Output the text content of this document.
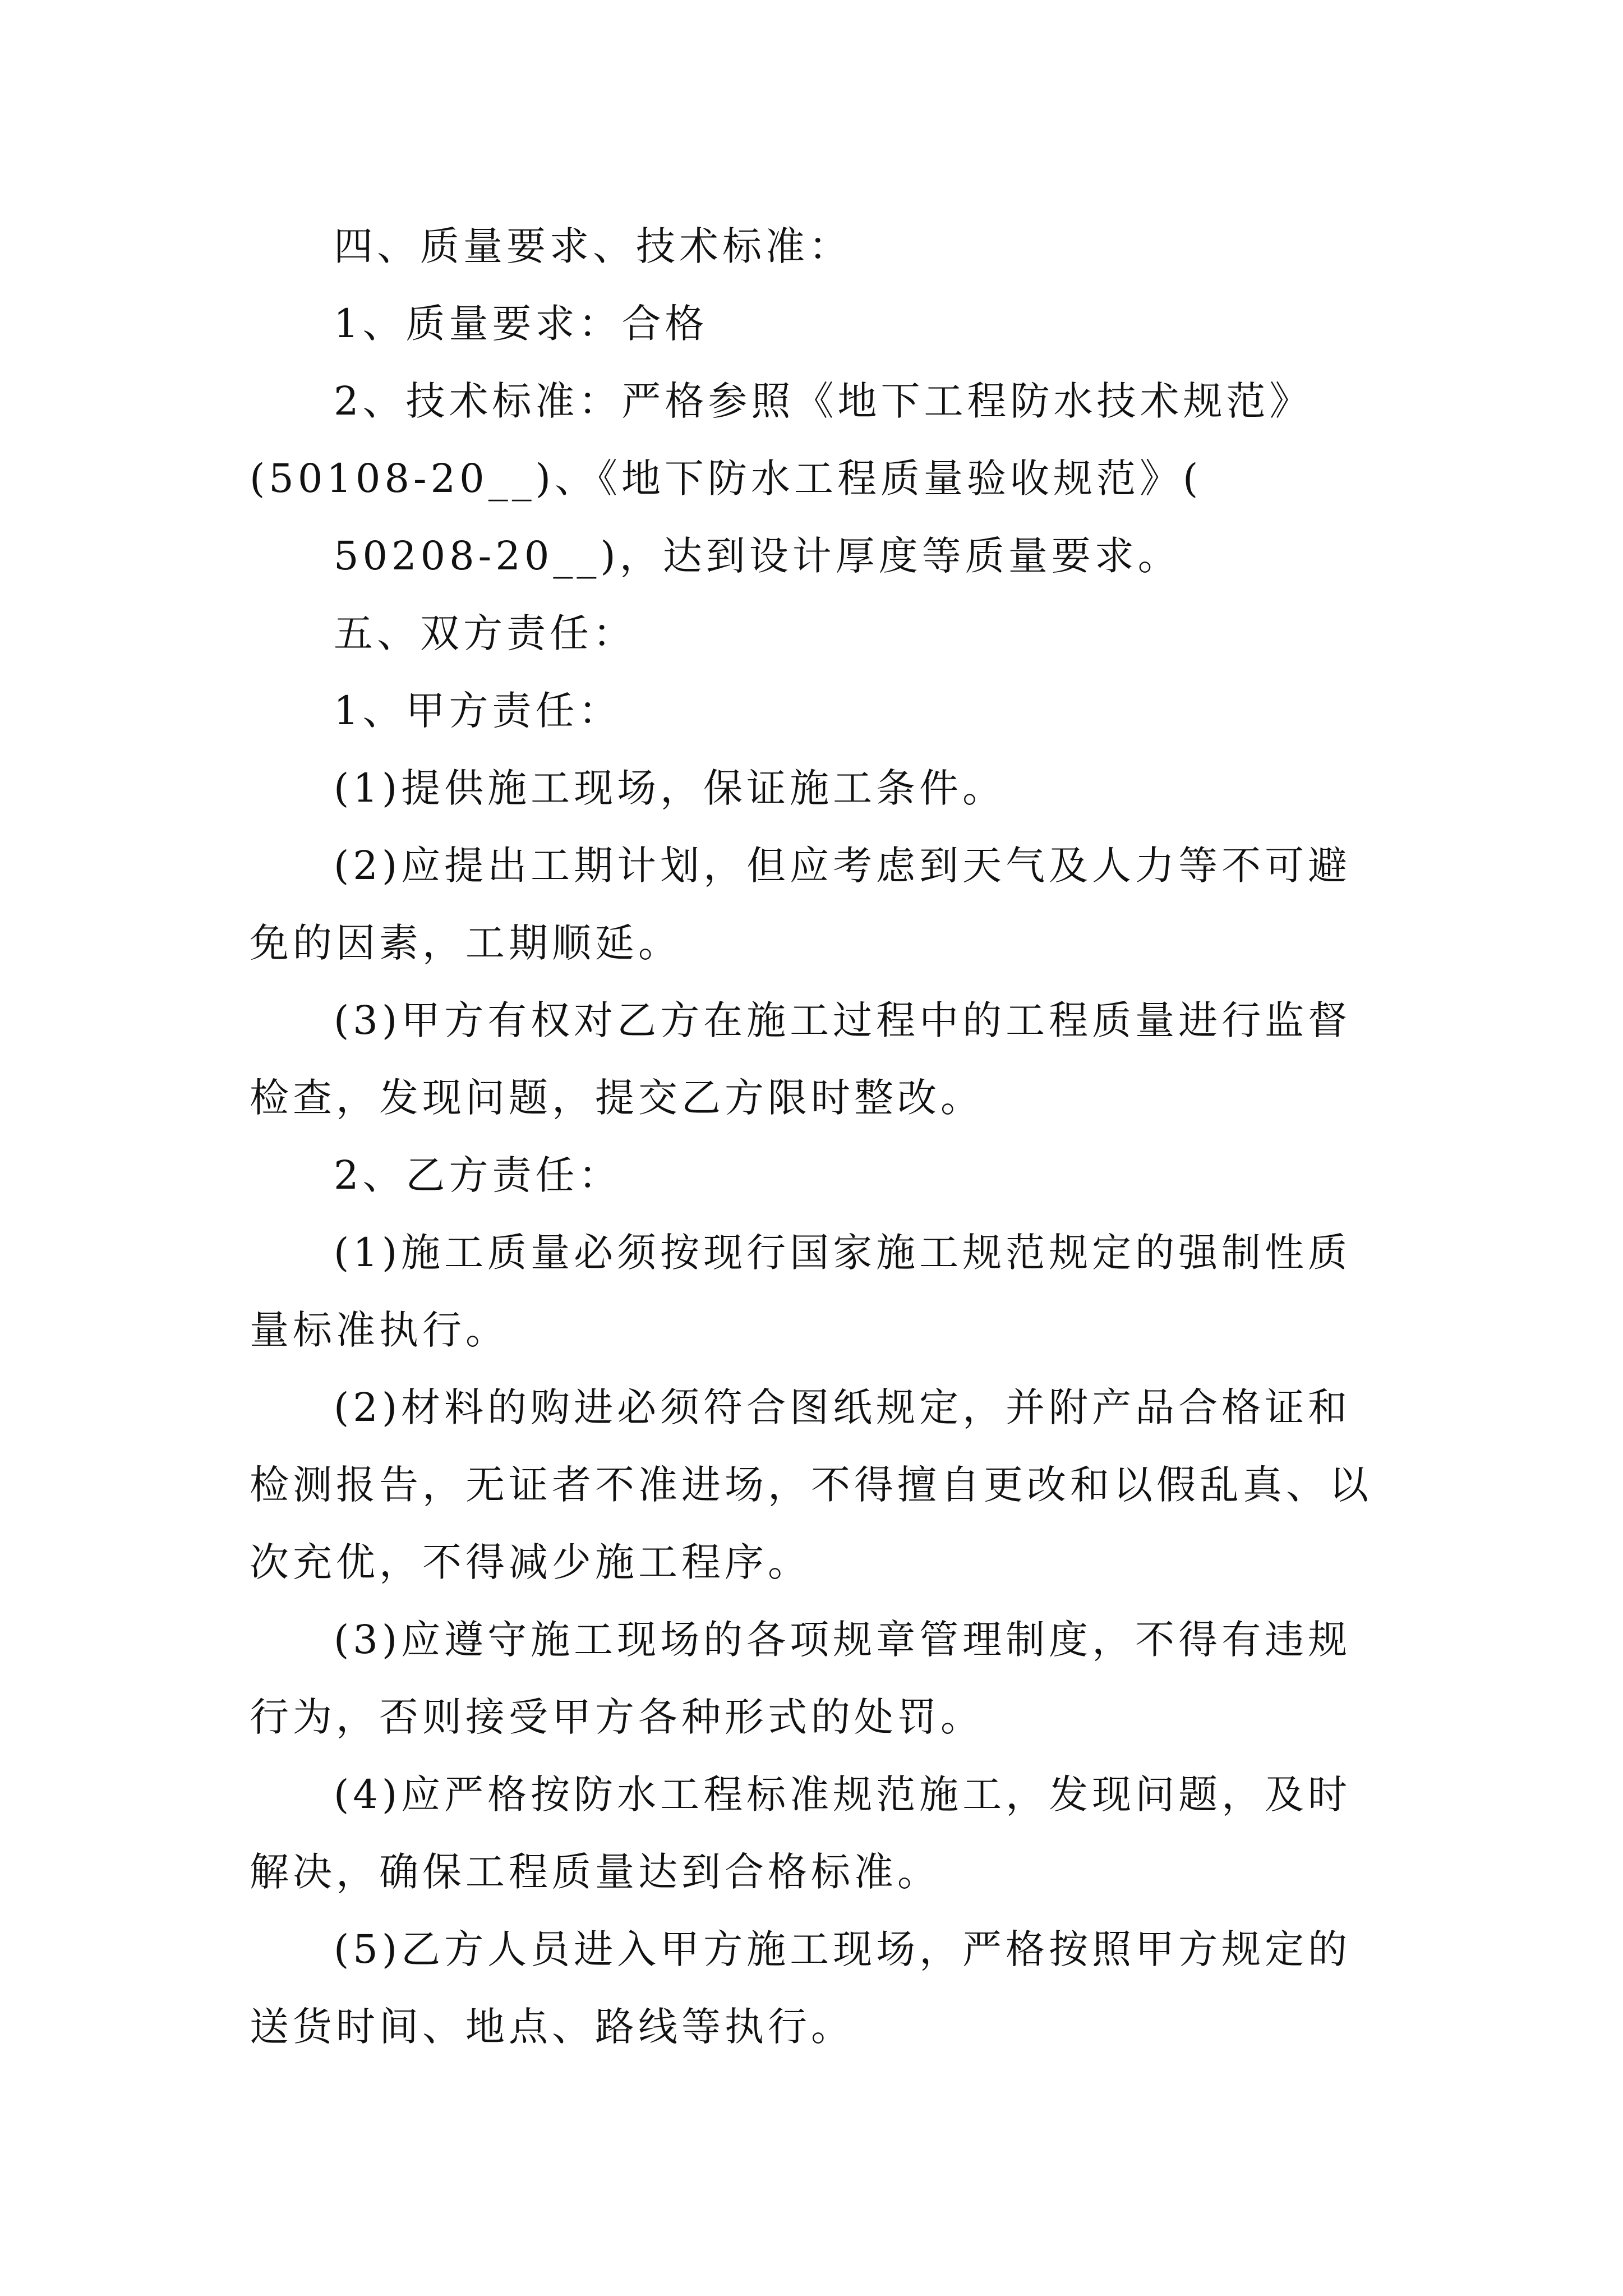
四、质量要求、技术标准：
1、质量要求：合格
2、技术标准：严格参照《地下工程防水技术规范》
(50108-20__)、《地下防水工程质量验收规范》(
50208-20__)，达到设计厚度等质量要求。
五、双方责任：
1、甲方责任：
(1)提供施工现场，保证施工条件。
(2)应提出工期计划，但应考虑到天气及人力等不可避
免的因素，工期顺延。
(3)甲方有权对乙方在施工过程中的工程质量进行监督
检查，发现问题，提交乙方限时整改。
2、乙方责任：
(1)施工质量必须按现行国家施工规范规定的强制性质
量标准执行。
(2)材料的购进必须符合图纸规定，并附产品合格证和
检测报告，无证者不准进场，不得擅自更改和以假乱真、以
次充优，不得减少施工程序。
(3)应遵守施工现场的各项规章管理制度，不得有违规
行为，否则接受甲方各种形式的处罚。
(4)应严格按防水工程标准规范施工，发现问题，及时
解决，确保工程质量达到合格标准。
(5)乙方人员进入甲方施工现场，严格按照甲方规定的
送货时间、地点、路线等执行。
